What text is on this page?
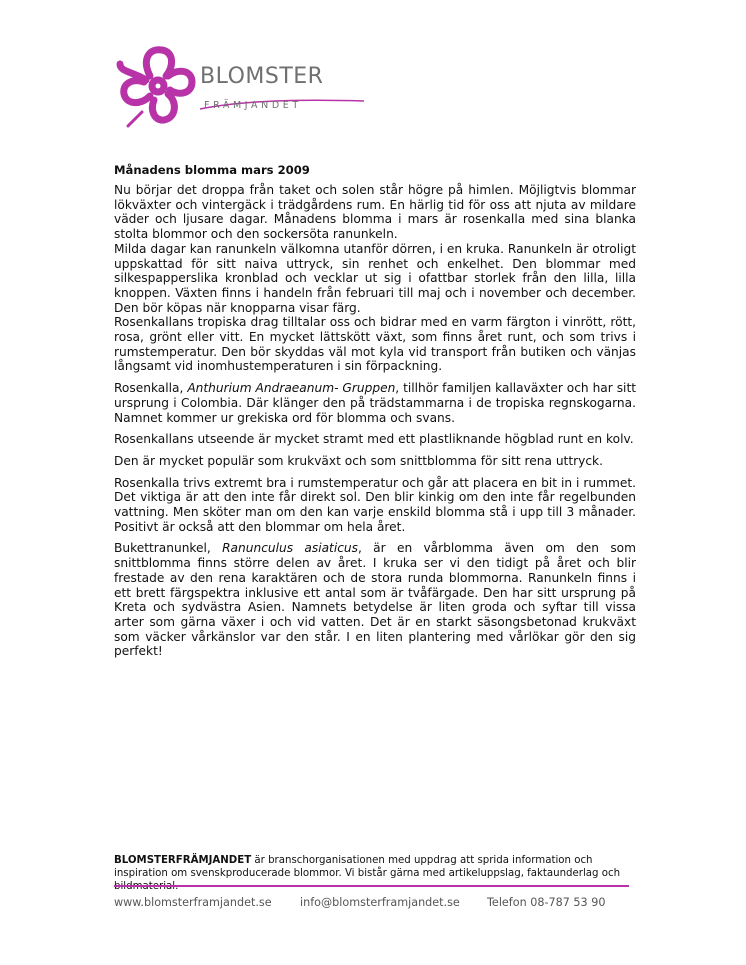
BLOMSTER
FRÄMJANDET
Månadens blomma mars 2009

Nu börjar det droppa från taket och solen står högre på himlen. Möjligtvis blommar lökväxter och vintergäck i trädgårdens rum. En härlig tid för oss att njuta av mildare väder och ljusare dagar. Månadens blomma i mars är rosenkalla med sina blanka stolta blommor och den sockersöta ranunkeln.

Milda dagar kan ranunkeln välkomna utanför dörren, i en kruka. Ranunkeln är otroligt uppskattad för sitt naiva uttryck, sin renhet och enkelhet. Den blommar med silkespapperslika kronblad och vecklar ut sig i ofattbar storlek från den lilla, lilla knoppen. Växten finns i handeln från februari till maj och i november och december. Den bör köpas när knopparna visar färg.

Rosenkallans tropiska drag tilltalar oss och bidrar med en varm färgton i vinrött, rött, rosa, grönt eller vitt. En mycket lättskött växt, som finns året runt, och som trivs i rumstemperatur. Den bör skyddas väl mot kyla vid transport från butiken och vänjas långsamt vid inomhustemperaturen i sin förpackning.

Rosenkalla, Anthurium Andraeanum- Gruppen, tillhör familjen kallaväxter och har sitt ursprung i Colombia. Där klänger den på trädstammarna i de tropiska regnskogarna. Namnet kommer ur grekiska ord för blomma och svans.

Rosenkallans utseende är mycket stramt med ett plastliknande högblad runt en kolv.

Den är mycket populär som krukväxt och som snittblomma för sitt rena uttryck.

Rosenkalla trivs extremt bra i rumstemperatur och går att placera en bit in i rummet. Det viktiga är att den inte får direkt sol. Den blir kinkig om den inte får regelbunden vattning. Men sköter man om den kan varje enskild blomma stå i upp till 3 månader. Positivt är också att den blommar om hela året.

Bukettranunkel, Ranunculus asiaticus, är en vårblomma även om den som snittblomma finns större delen av året. I kruka ser vi den tidigt på året och blir frestade av den rena karaktären och de stora runda blommorna. Ranunkeln finns i ett brett färgspektra inklusive ett antal som är tvåfärgade. Den har sitt ursprung på Kreta och sydvästra Asien. Namnets betydelse är liten groda och syftar till vissa arter som gärna växer i och vid vatten. Det är en starkt säsongsbetonad krukväxt som väcker vårkänslor var den står. I en liten plantering med vårlökar gör den sig perfekt!

BLOMSTERFRÄMJANDET är branschorganisationen med uppdrag att sprida information och inspiration om svenskproducerade blommor. Vi bistår gärna med artikeluppslag, faktaunderlag och
www.blomsterframjandet.se	info@blomsterframjandet.se Telefon 08-787 53 90
